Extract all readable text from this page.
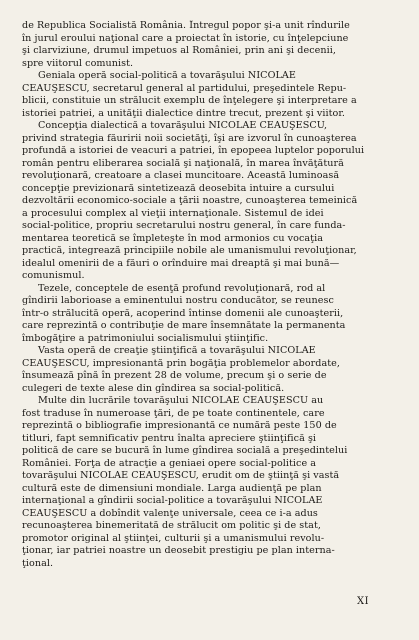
de Republica Socialistă România. Întregul popor şi-a unit rîndurile
în jurul eroului naţional care a proiectat în istorie, cu înţelepciune
şi clarviziune, drumul impetuos al României, prin ani şi decenii,
spre viitorul comunist.
Geniala operă social-politică a tovarăşului NICOLAE
CEAUŞESCU, secretarul general al partidului, preşedintele Repu-
blicii, constituie un strălucit exemplu de înţelegere şi interpretare a
istoriei patriei, a unităţii dialectice dintre trecut, prezent şi viitor.
Concepţia dialectică a tovarăşului NICOLAE CEAUŞESCU,
privind strategia făuririi noii societăţi, îşi are izvorul în cunoaşterea
profundă a istoriei de veacuri a patriei, în epopeea luptelor poporului
român pentru eliberarea socială şi naţională, în marea învăţătură
revoluţionară, creatoare a clasei muncitoare. Această luminoasă
concepţie previzionară sintetizează deosebita intuire a cursului
dezvoltării economico-sociale a ţării noastre, cunoaşterea temeinică
a procesului complex al vieţii internaţionale. Sistemul de idei
social-politice, propriu secretarului nostru general, în care funda-
mentarea teoretică se împleteşte în mod armonios cu vocaţia
practică, integrează principiile nobile ale umanismului revoluţionar,
idealul omenirii de a făuri o orînduire mai dreaptă şi mai bună—
comunismul.
Tezele, conceptele de esenţă profund revoluţionară, rod al
gîndirii laborioase a eminentului nostru conducător, se reunesc
într-o strălucită operă, acoperind întinse domenii ale cunoaşterii,
care reprezintă o contribuţie de mare însemnătate la permanenta
îmbogăţire a patrimoniului socialismului ştiinţific.
Vasta operă de creaţie ştiinţifică a tovarăşului NICOLAE
CEAUŞESCU, impresionantă prin bogăţia problemelor abordate,
însumează pînă în prezent 28 de volume, precum şi o serie de
culegeri de texte alese din gîndirea sa social-politică.
Multe din lucrările tovarăşului NICOLAE CEAUŞESCU au
fost traduse în numeroase ţări, de pe toate continentele, care
reprezintă o bibliografie impresionantă ce numără peste 150 de
titluri, fapt semnificativ pentru înalta apreciere ştiinţifică şi
politică de care se bucură în lume gîndirea socială a preşedintelui
României. Forţa de atracţie a geniaei opere social-politice a
tovarăşului NICOLAE CEAUŞESCU, erudit om de ştiinţă şi vastă
cultură este de dimensiuni mondiale. Larga audienţă pe plan
internaţional a gîndirii social-politice a tovarăşului NICOLAE
CEAUŞESCU a dobîndit valenţe universale, ceea ce i-a adus
recunoaşterea binemeritată de strălucit om politic şi de stat,
promotor original al ştiinţei, culturii şi a umanismului revolu-
ţionar, iar patriei noastre un deosebit prestigiu pe plan interna-
ţional.
XI
